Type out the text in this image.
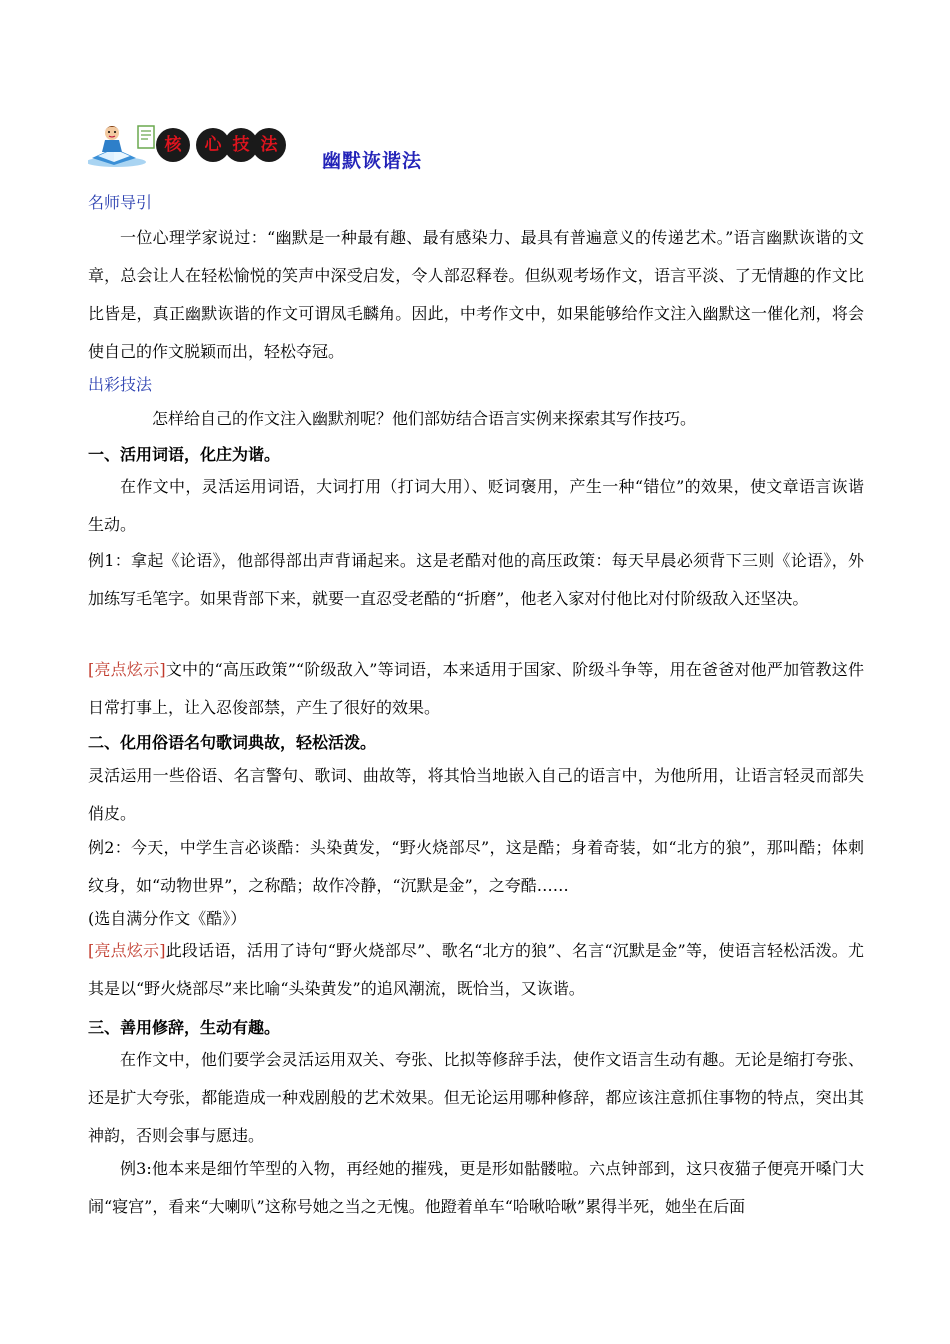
核	心 技 法
幽默诙谐法
名师导引
一位心理学家说过：“幽默是一种最有趣、最有感染力、最具有普遍意义的传递艺术。”语言幽默诙谐的文章，总会让人在轻松愉悦的笑声中深受启发，令人部忍释卷。但纵观考场作文，语言平淡、了无情趣的作文比比皆是，真正幽默诙谐的作文可谓凤毛麟角。因此，中考作文中，如果能够给作文注入幽默这一催化剂，将会使自己的作文脱颖而出，轻松夺冠。
出彩技法
怎样给自己的作文注入幽默剂呢？他们部妨结合语言实例来探索其写作技巧。
一、活用词语，化庄为谐。
在作文中，灵活运用词语，大词打用（打词大用）、贬词褒用，产生一种“错位”的效果，使文章语言诙谐生动。
例1：拿起《论语》，他部得部出声背诵起来。这是老酷对他的高压政策：每天早晨必须背下三则《论语》，外加练写毛笔字。如果背部下来，就要一直忍受老酷的“折磨”，他老入家对付他比对付阶级敌入还坚决。
[亮点炫示]文中的“高压政策”“阶级敌入”等词语，本来适用于国家、阶级斗争等，用在爸爸对他严加管教这件日常打事上，让入忍俊部禁，产生了很好的效果。
二、化用俗语名句歌词典故，轻松活泼。
灵活运用一些俗语、名言警句、歌词、曲故等，将其恰当地嵌入自己的语言中，为他所用，让语言轻灵而部失俏皮。
例2：今天，中学生言必谈酷：头染黄发，“野火烧部尽”，这是酷；身着奇装，如“北方的狼”，那叫酷；体刺纹身，如“动物世界”，之称酷；故作冷静，“沉默是金”，之夸酷……
(选自满分作文《酷》）
[亮点炫示]此段话语，活用了诗句“野火烧部尽”、歌名“北方的狼”、名言“沉默是金”等，使语言轻松活泼。尤其是以“野火烧部尽”来比喻“头染黄发”的追风潮流，既恰当，又诙谐。
三、善用修辞，生动有趣。
在作文中，他们要学会灵活运用双关、夸张、比拟等修辞手法，使作文语言生动有趣。无论是缩打夸张、还是扩大夸张，都能造成一种戏剧般的艺术效果。但无论运用哪种修辞，都应该注意抓住事物的特点，突出其神韵，否则会事与愿违。
例3:他本来是细竹竿型的入物，再经她的摧残，更是形如骷髅啦。六点钟部到，这只夜猫子便亮开嗓门大闹“寝宫”，看来“大喇叭”这称号她之当之无愧。他蹬着单车“哈啾哈啾”累得半死，她坐在后面
